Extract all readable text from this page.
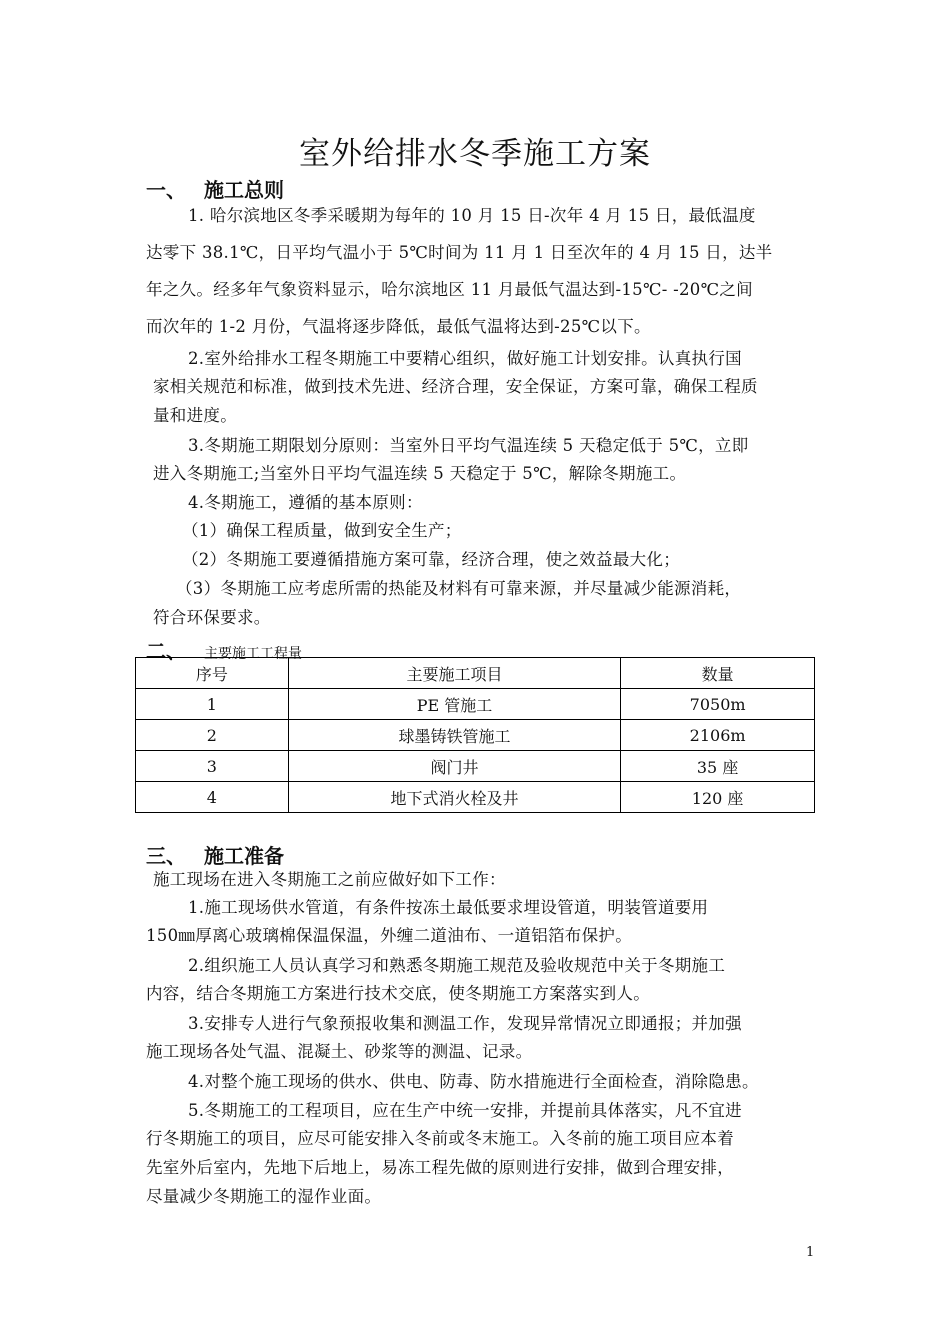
室外给排水冬季施工方案
一、 施工总则
1. 哈尔滨地区冬季采暖期为每年的 10 月 15 日-次年 4 月 15 日，最低温度
达零下 38.1℃，日平均气温小于 5℃时间为 11 月 1 日至次年的 4 月 15 日，达半
年之久。经多年气象资料显示，哈尔滨地区 11 月最低气温达到-15℃- -20℃之间
而次年的 1-2 月份，气温将逐步降低，最低气温将达到-25℃以下。
2.室外给排水工程冬期施工中要精心组织，做好施工计划安排。认真执行国
家相关规范和标准，做到技术先进、经济合理，安全保证，方案可靠，确保工程质
量和进度。
3.冬期施工期限划分原则：当室外日平均气温连续 5 天稳定低于 5℃，立即
进入冬期施工;当室外日平均气温连续 5 天稳定于 5℃，解除冬期施工。
4.冬期施工，遵循的基本原则：
（1）确保工程质量，做到安全生产；
（2）冬期施工要遵循措施方案可靠，经济合理，使之效益最大化；
（3）冬期施工应考虑所需的热能及材料有可靠来源，并尽量减少能源消耗，
符合环保要求。
二、 主要施工工程量
序号	主要施工项目	数量
1	PE 管施工	7050m
2	球墨铸铁管施工	2106m
3	阀门井	35 座
4	地下式消火栓及井	120 座
三、 施工准备
施工现场在进入冬期施工之前应做好如下工作：
1.施工现场供水管道，有条件按冻土最低要求埋设管道，明装管道要用
150㎜厚离心玻璃棉保温保温，外缠二道油布、一道铝箔布保护。
2.组织施工人员认真学习和熟悉冬期施工规范及验收规范中关于冬期施工
内容，结合冬期施工方案进行技术交底，使冬期施工方案落实到人。
3.安排专人进行气象预报收集和测温工作，发现异常情况立即通报；并加强
施工现场各处气温、混凝土、砂浆等的测温、记录。
4.对整个施工现场的供水、供电、防毒、防水措施进行全面检查，消除隐患。
5.冬期施工的工程项目，应在生产中统一安排，并提前具体落实，凡不宜进
行冬期施工的项目，应尽可能安排入冬前或冬末施工。入冬前的施工项目应本着
先室外后室内，先地下后地上，易冻工程先做的原则进行安排，做到合理安排，
尽量减少冬期施工的湿作业面。
1
